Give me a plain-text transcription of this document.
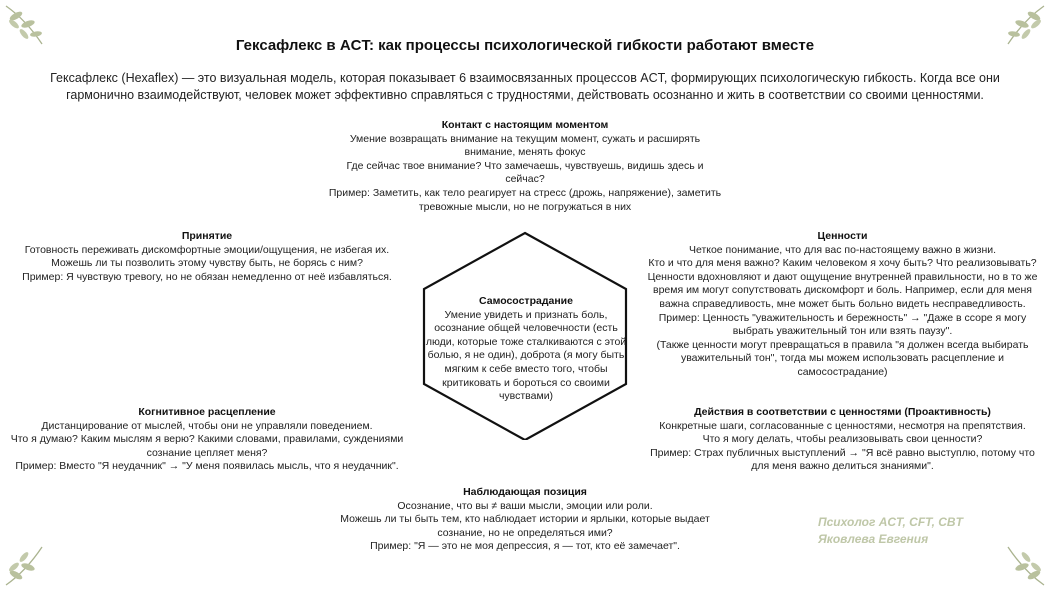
Гексафлекс в ACT: как процессы психологической гибкости работают вместе
Гексафлекс (Hexaflex) — это визуальная модель, которая показывает 6 взаимосвязанных процессов ACT, формирующих психологическую гибкость. Когда все они
гармонично взаимодействуют, человек может эффективно справляться с трудностями, действовать осознанно и жить в соответствии со своими ценностями.
Контакт с настоящим моментом
Умение возвращать внимание на текущим момент, сужать и расширять
внимание, менять фокус
Где сейчас твое внимание? Что замечаешь, чувствуешь, видишь здесь и
сейчас?
Пример: Заметить, как тело реагирует на стресс (дрожь, напряжение), заметить
тревожные мысли, но не погружаться в них
Принятие
Готовность переживать дискомфортные эмоции/ощущения, не избегая их.
Можешь ли ты позволить этому чувству быть, не борясь с ним?
Пример: Я чувствую тревогу, но не обязан немедленно от неё избавляться.
Ценности
Четкое понимание, что для вас по-настоящему важно в жизни.
Кто и что для меня важно? Каким человеком я хочу быть? Что реализовывать?
Ценности вдохновляют и дают ощущение внутренней правильности, но в то же
время им могут сопутствовать дискомфорт и боль. Например, если для меня
важна справедливость, мне может быть больно видеть несправедливость.
Пример: Ценность "уважительность и бережность" → "Даже в ссоре я могу
выбрать уважительный тон или взять паузу".
(Также ценности могут превращаться в правила "я должен всегда выбирать
уважительный тон", тогда мы можем использовать расцепление и
самосострадание)
Самосострадание
Умение увидеть и признать боль,
осознание общей человечности (есть
люди, которые тоже сталкиваются с этой
болью, я не один), доброта (я могу быть
мягким к себе вместо того, чтобы
критиковать и бороться со своими
чувствами)
Когнитивное расцепление
Дистанцирование от мыслей, чтобы они не управляли поведением.
Что я думаю? Каким мыслям я верю? Какими словами, правилами, суждениями
сознание цепляет меня?
Пример: Вместо "Я неудачник" → "У меня появилась мысль, что я неудачник".
Действия в соответствии с ценностями (Проактивность)
Конкретные шаги, согласованные с ценностями, несмотря на препятствия.
Что я могу делать, чтобы реализовывать свои ценности?
Пример: Страх публичных выступлений → "Я всё равно выступлю, потому что
для меня важно делиться знаниями".
Наблюдающая позиция
Осознание, что вы ≠ ваши мысли, эмоции или роли.
Можешь ли ты быть тем, кто наблюдает истории и ярлыки, которые выдает
сознание, но не определяться ими?
Пример: "Я — это не моя депрессия, я — тот, кто её замечает".
Психолог ACT, CFT, CBT
Яковлева Евгения
